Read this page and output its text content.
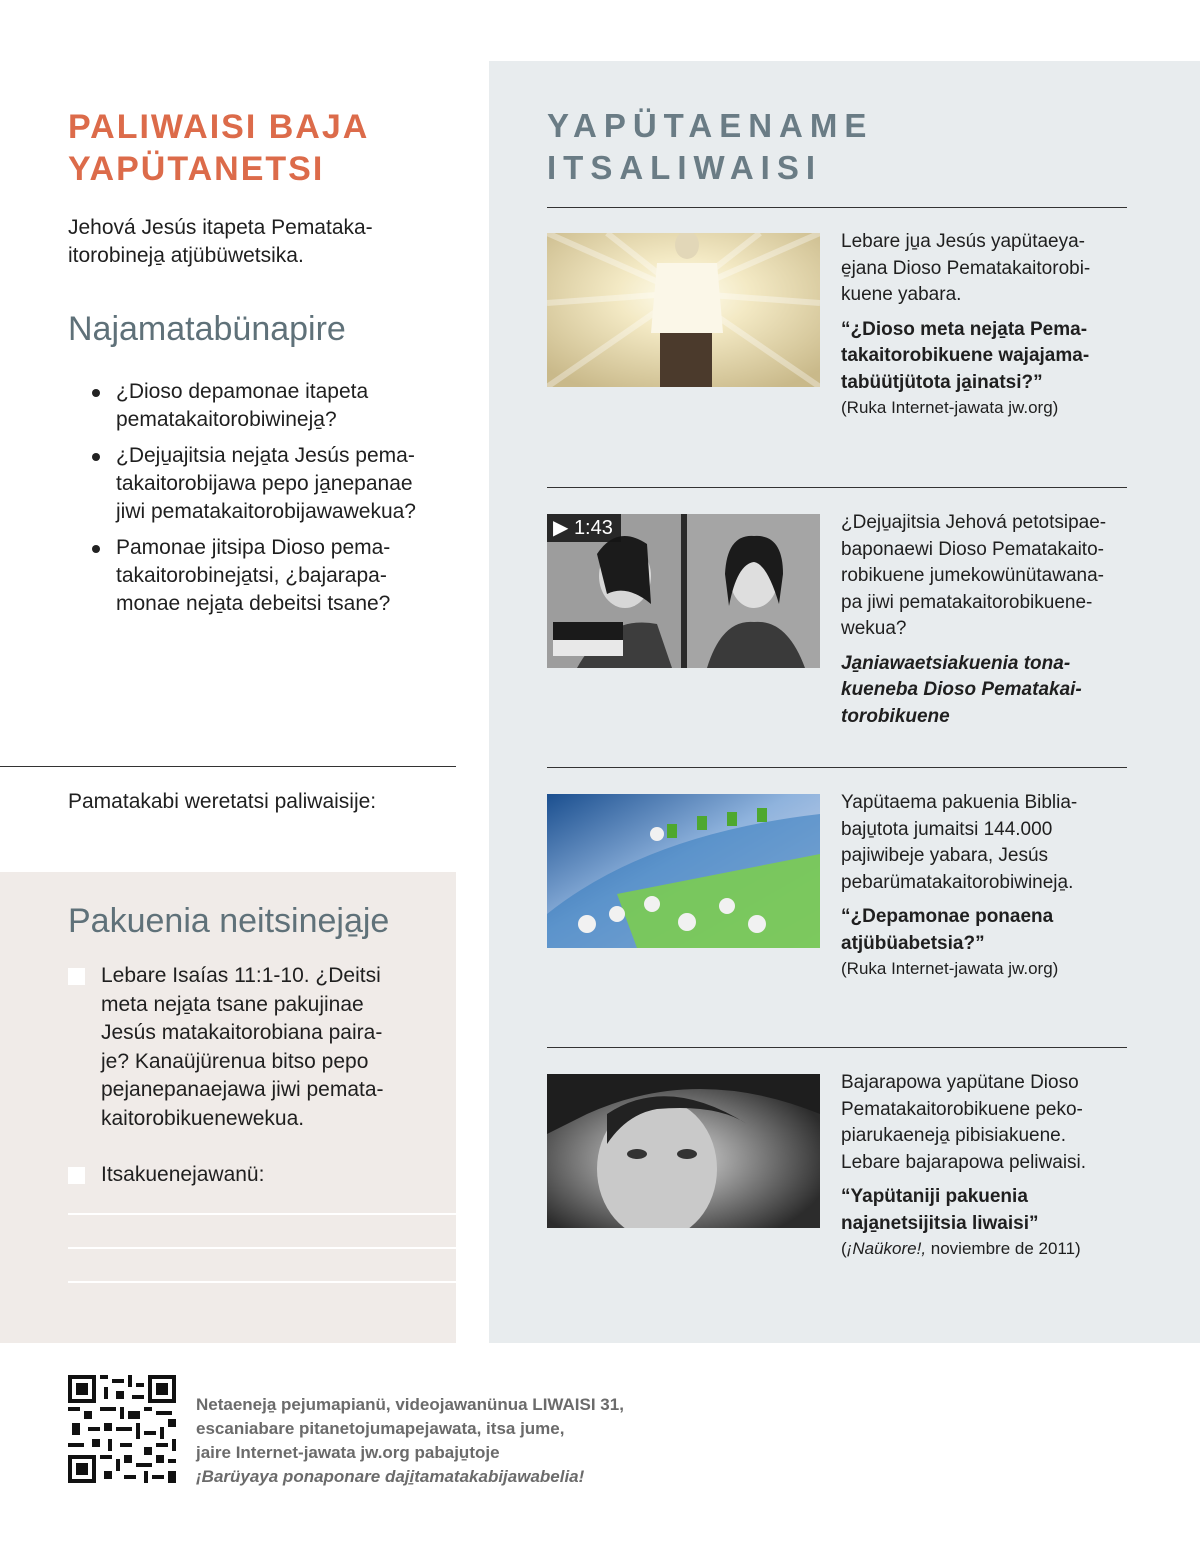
PALIWAISI BAJA
YAPÜTANETSI
Jehová Jesús itapeta Pemataka-
itorobineja̱ atjübüwetsika.
Najamatabünapire
¿Dioso depamonae itapeta
pematakaitorobiwineja̱?
¿Deju̱ajitsia neja̱ta Jesús pema-
takaitorobijawa pepo ja̱nepanae
jiwi pematakaitorobijawawekua?
Pamonae jitsipa Dioso pema-
takaitorobineja̱tsi, ¿bajarapa-
monae neja̱ta debeitsi tsane?
Pamatakabi weretatsi paliwaisije:
Pakuenia neitsineja̱je
Lebare Isaías 11:1-10. ¿Deitsi
meta neja̱ta tsane pakujinae
Jesús matakaitorobiana paira-
je? Kanaüjürenua bitso pepo
pejanepanaejawa jiwi pemata-
kaitorobikuenewekua.
Itsakuenejawanü:
YAPÜTAENAME
ITSALIWAISI
Lebare ju̱a Jesús yapütaeya-
e̱jana Dioso Pematakaitorobi-
kuene yabara.
“¿Dioso meta neja̱ta Pema-
takaitorobikuene wajajama-
tabüütjütota ja̱inatsi?”
(Ruka Internet-jawata jw.org)
▶ 1:43	¿Deju̱ajitsia Jehová petotsipae-
baponaewi Dioso Pematakaito-
robikuene jumekowünütawana-
pa jiwi pematakaitorobikuene-
wekua?
Ja̱niawaetsiakuenia tona-
kueneba Dioso Pematakai-
torobikuene
Yapütaema pakuenia Biblia-
baju̱tota jumaitsi 144.000
pajiwibeje yabara, Jesús
pebarümatakaitorobiwineja̱.
“¿Depamonae ponaena
atjübüabetsia?”
(Ruka Internet-jawata jw.org)
Bajarapowa yapütane Dioso
Pematakaitorobikuene peko-
piarukaeneja̱ pibisiakuene.
Lebare bajarapowa peliwaisi.
“Yapütaniji pakuenia
naja̱netsijitsia liwaisi”
(¡Naükore!, noviembre de 2011)
Netaeneja̱ pejumapianü, videojawanünua LIWAISI 31,
escaniabare pitanetojumapejawata, itsa jume,
jaire Internet-jawata jw.org pabaju̱toje
¡Barüyaya ponaponare daji̱tamatakabijawabelia!
